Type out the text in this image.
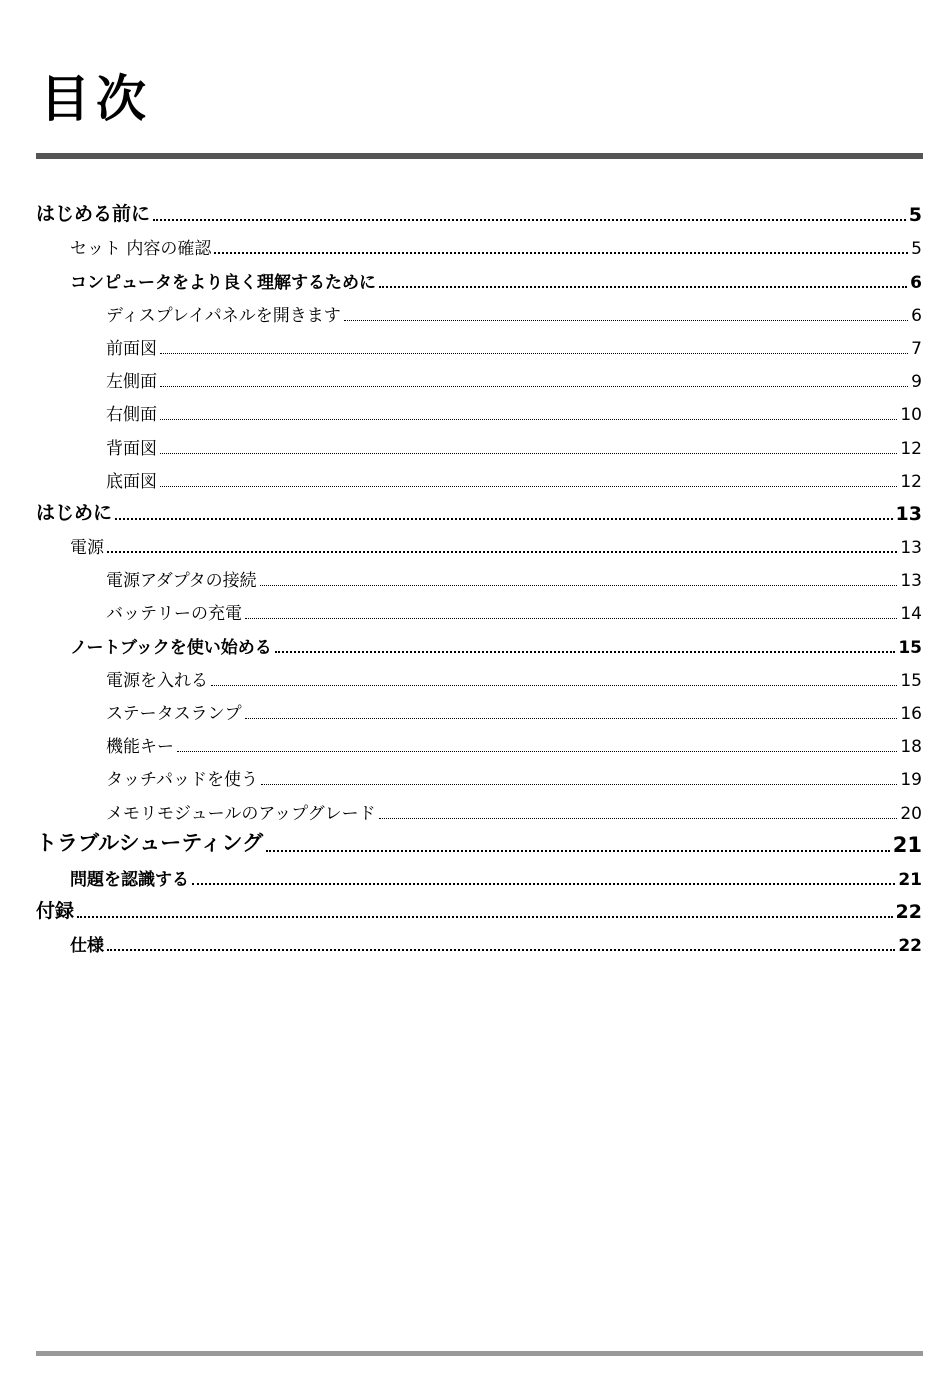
目次
はじめる前に	5
セット 内容の確認	5
コンピュータをより良く理解するために	6
ディスプレイパネルを開きます	6
前面図	7
左側面	9
右側面	10
背面図	12
底面図	12
はじめに	13
電源	13
電源アダプタの接続	13
バッテリーの充電	14
ノートブックを使い始める	15
電源を入れる	15
ステータスランプ	16
機能キー	18
タッチパッドを使う	19
メモリモジュールのアップグレード	20
トラブルシューティング	21
問題を認識する	21
付録	22
仕様	22
